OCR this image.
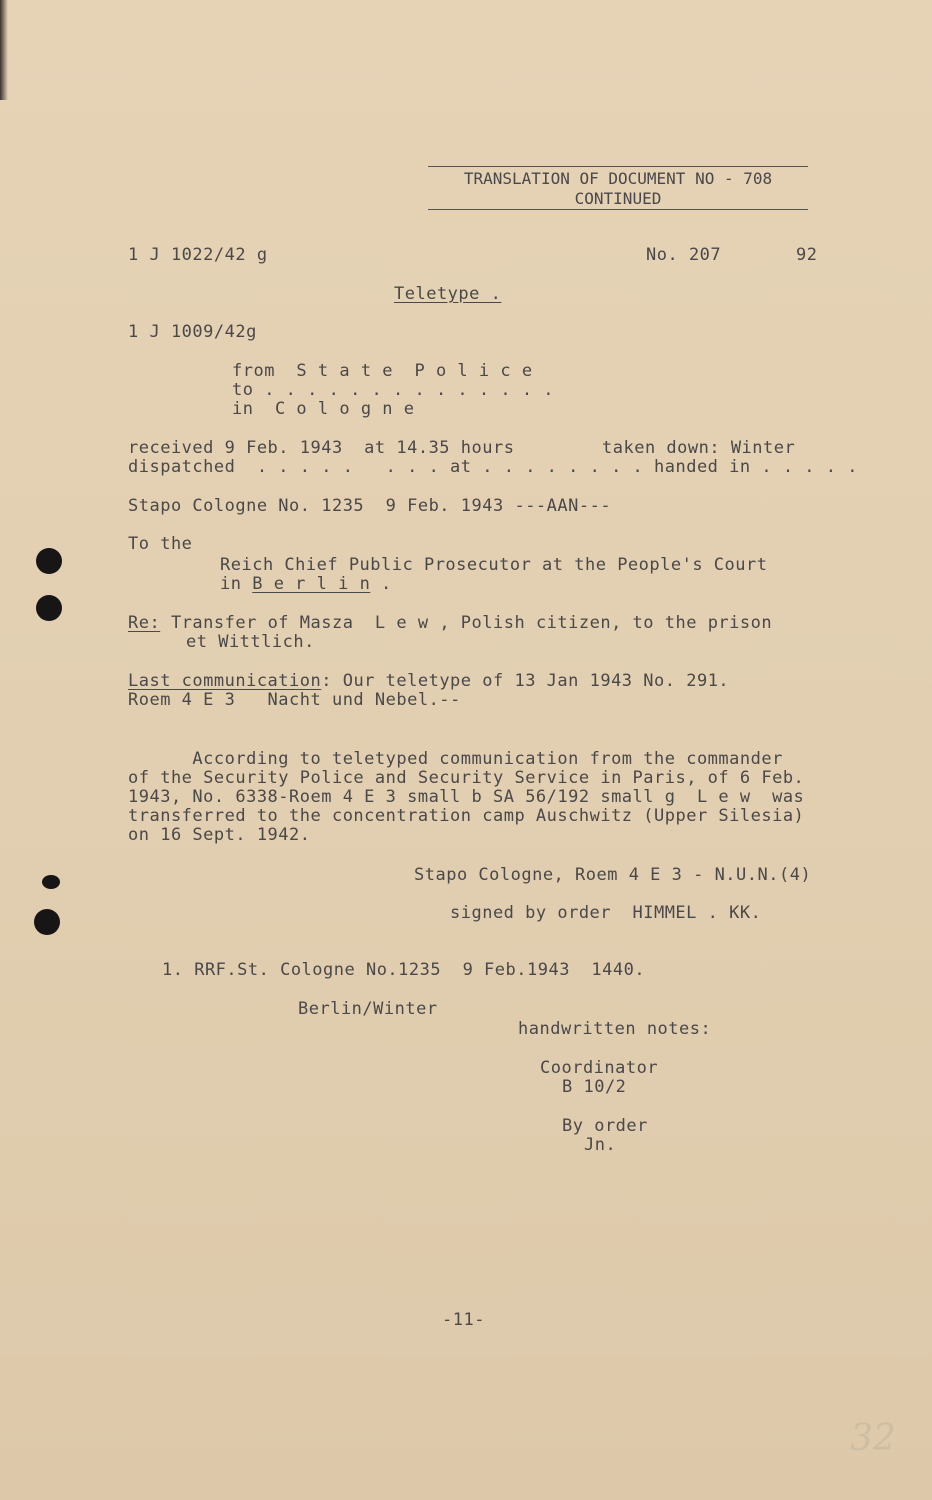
TRANSLATION OF DOCUMENT NO - 708
CONTINUED
1 J 1022/42 g	No. 207	92
Teletype .
1 J 1009/42g
from  S t a t e  P o l i c e
to . . . . . . . . . . . . . .
in  C o l o g n e
received 9 Feb. 1943  at 14.35 hours	taken down: Winter
dispatched  . . . . .   . . . at . . . . . . . . handed in . . . . .
Stapo Cologne No. 1235  9 Feb. 1943 ---AAN---
To the
Reich Chief Public Prosecutor at the People's Court
in B e r l i n .
Re: Transfer of Masza  L e w , Polish citizen, to the prison
et Wittlich.
Last communication: Our teletype of 13 Jan 1943 No. 291.
Roem 4 E 3   Nacht und Nebel.--
According to teletyped communication from the commander
of the Security Police and Security Service in Paris, of 6 Feb.
1943, No. 6338-Roem 4 E 3 small b SA 56/192 small g  L e w  was
transferred to the concentration camp Auschwitz (Upper Silesia)
on 16 Sept. 1942.
Stapo Cologne, Roem 4 E 3 - N.U.N.(4)
signed by order  HIMMEL . KK.
1. RRF.St. Cologne No.1235  9 Feb.1943  1440.
Berlin/Winter
handwritten notes:
Coordinator
B 10/2
By order
Jn.
-11-
32
